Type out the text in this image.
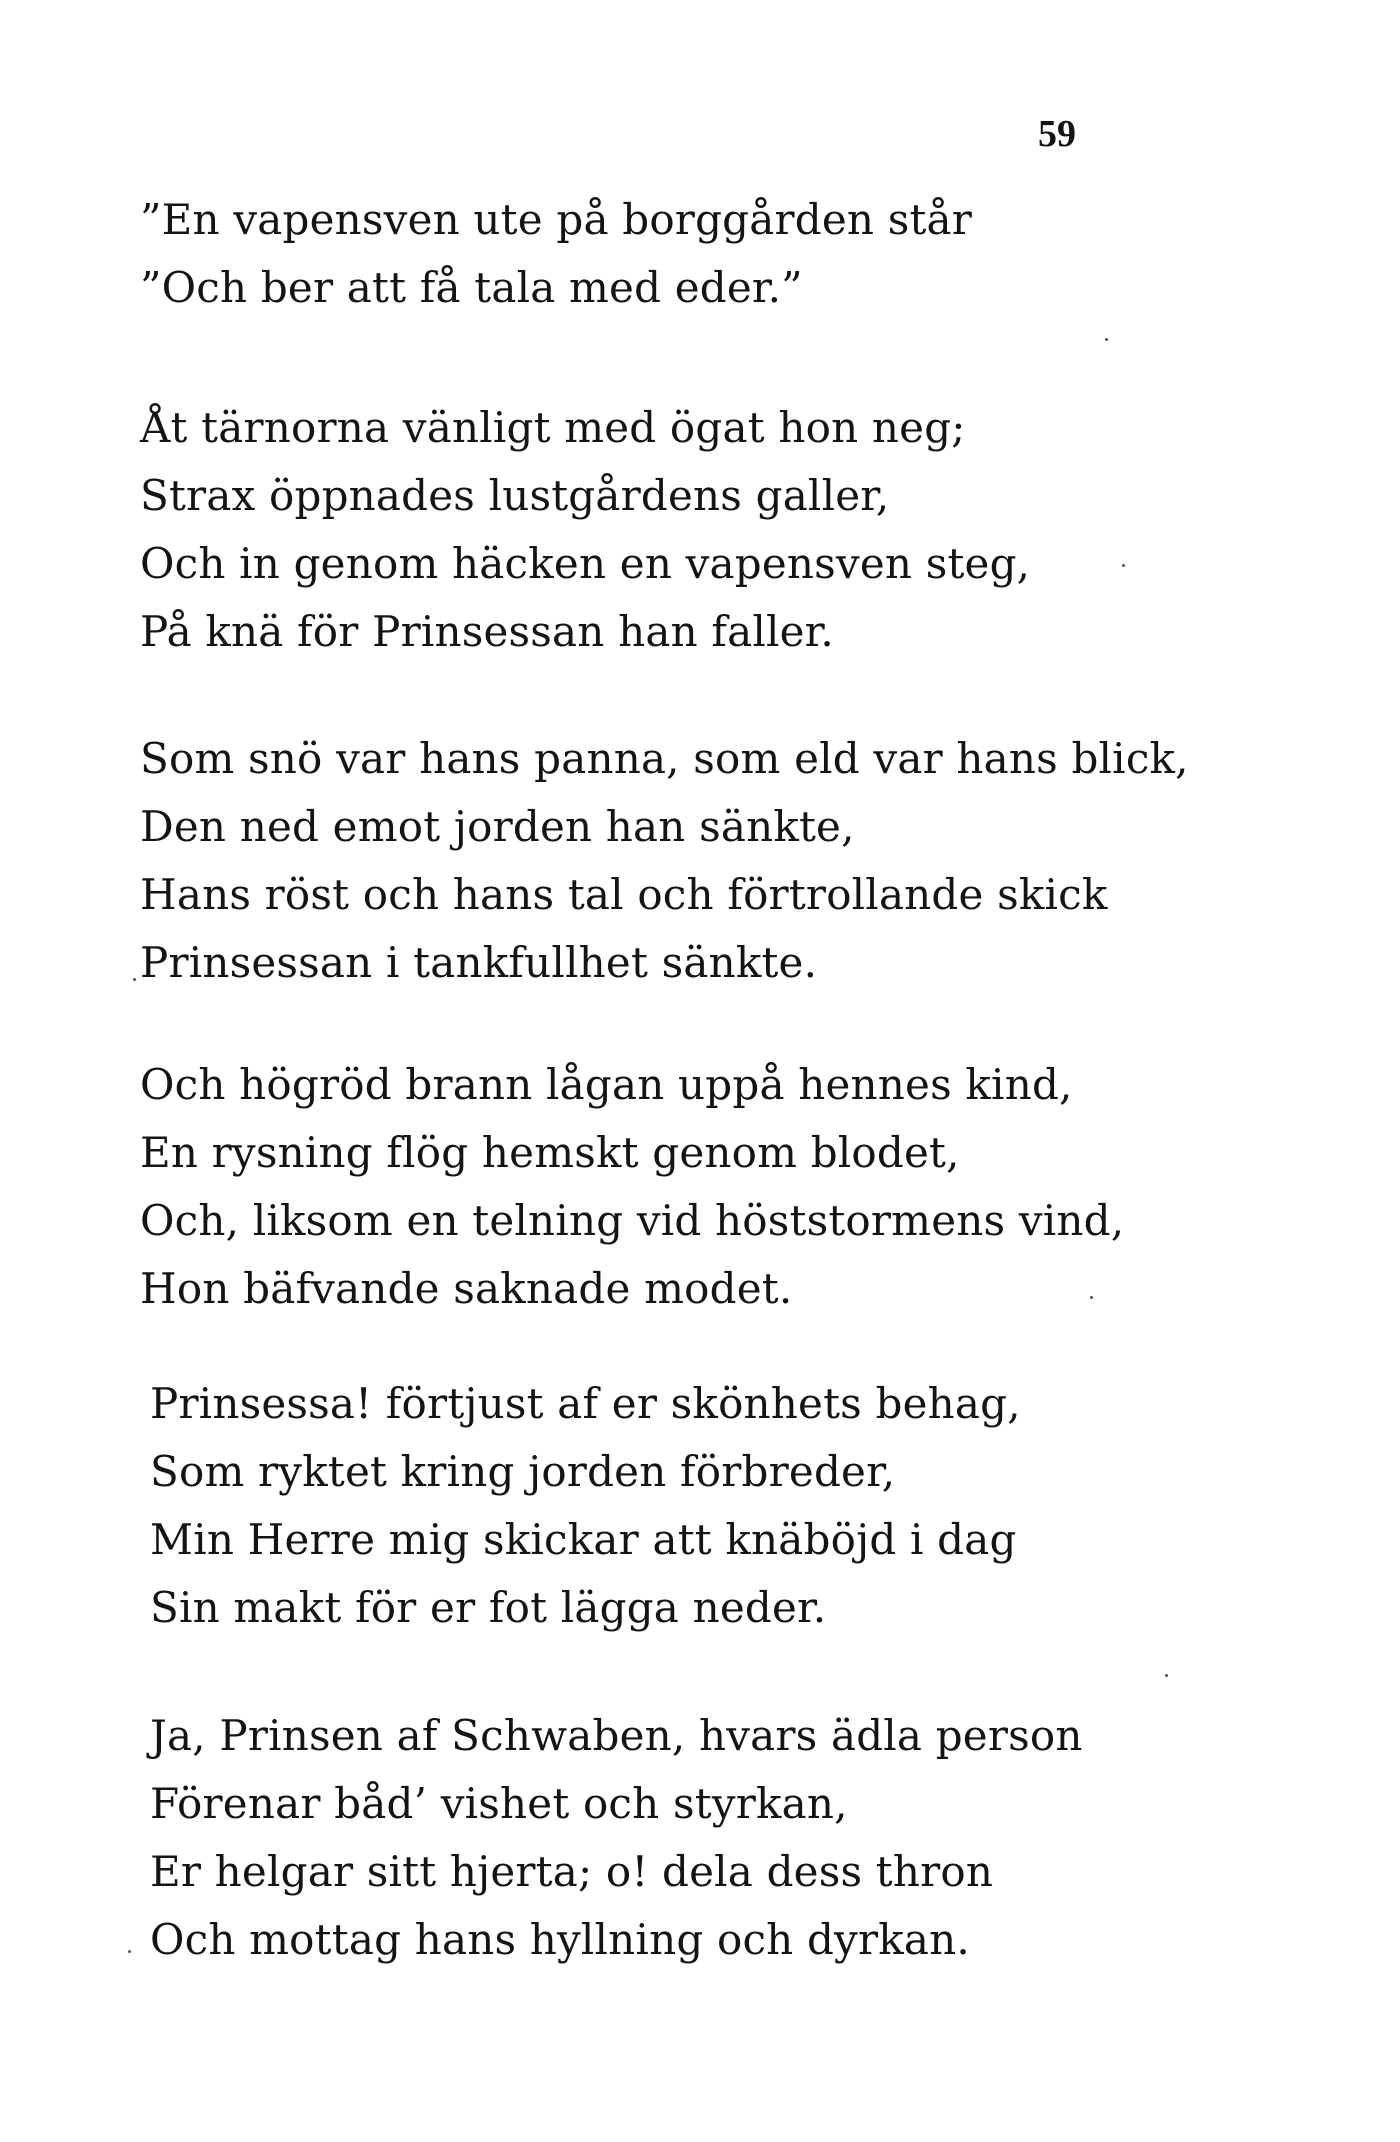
59
”En vapensven ute på borggården står
”Och ber att få tala med eder.”
Åt tärnorna vänligt med ögat hon neg;
Strax öppnades lustgårdens galler,
Och in genom häcken en vapensven steg,
På knä för Prinsessan han faller.
Som snö var hans panna, som eld var hans blick,
Den ned emot jorden han sänkte,
Hans röst och hans tal och förtrollande skick
Prinsessan i tankfullhet sänkte.
Och högröd brann lågan uppå hennes kind,
En rysning flög hemskt genom blodet,
Och, liksom en telning vid höststormens vind,
Hon bäfvande saknade modet.
Prinsessa! förtjust af er skönhets behag,
Som ryktet kring jorden förbreder,
Min Herre mig skickar att knäböjd i dag
Sin makt för er fot lägga neder.
Ja, Prinsen af Schwaben, hvars ädla person
Förenar båd’ vishet och styrkan,
Er helgar sitt hjerta; o! dela dess thron
Och mottag hans hyllning och dyrkan.
